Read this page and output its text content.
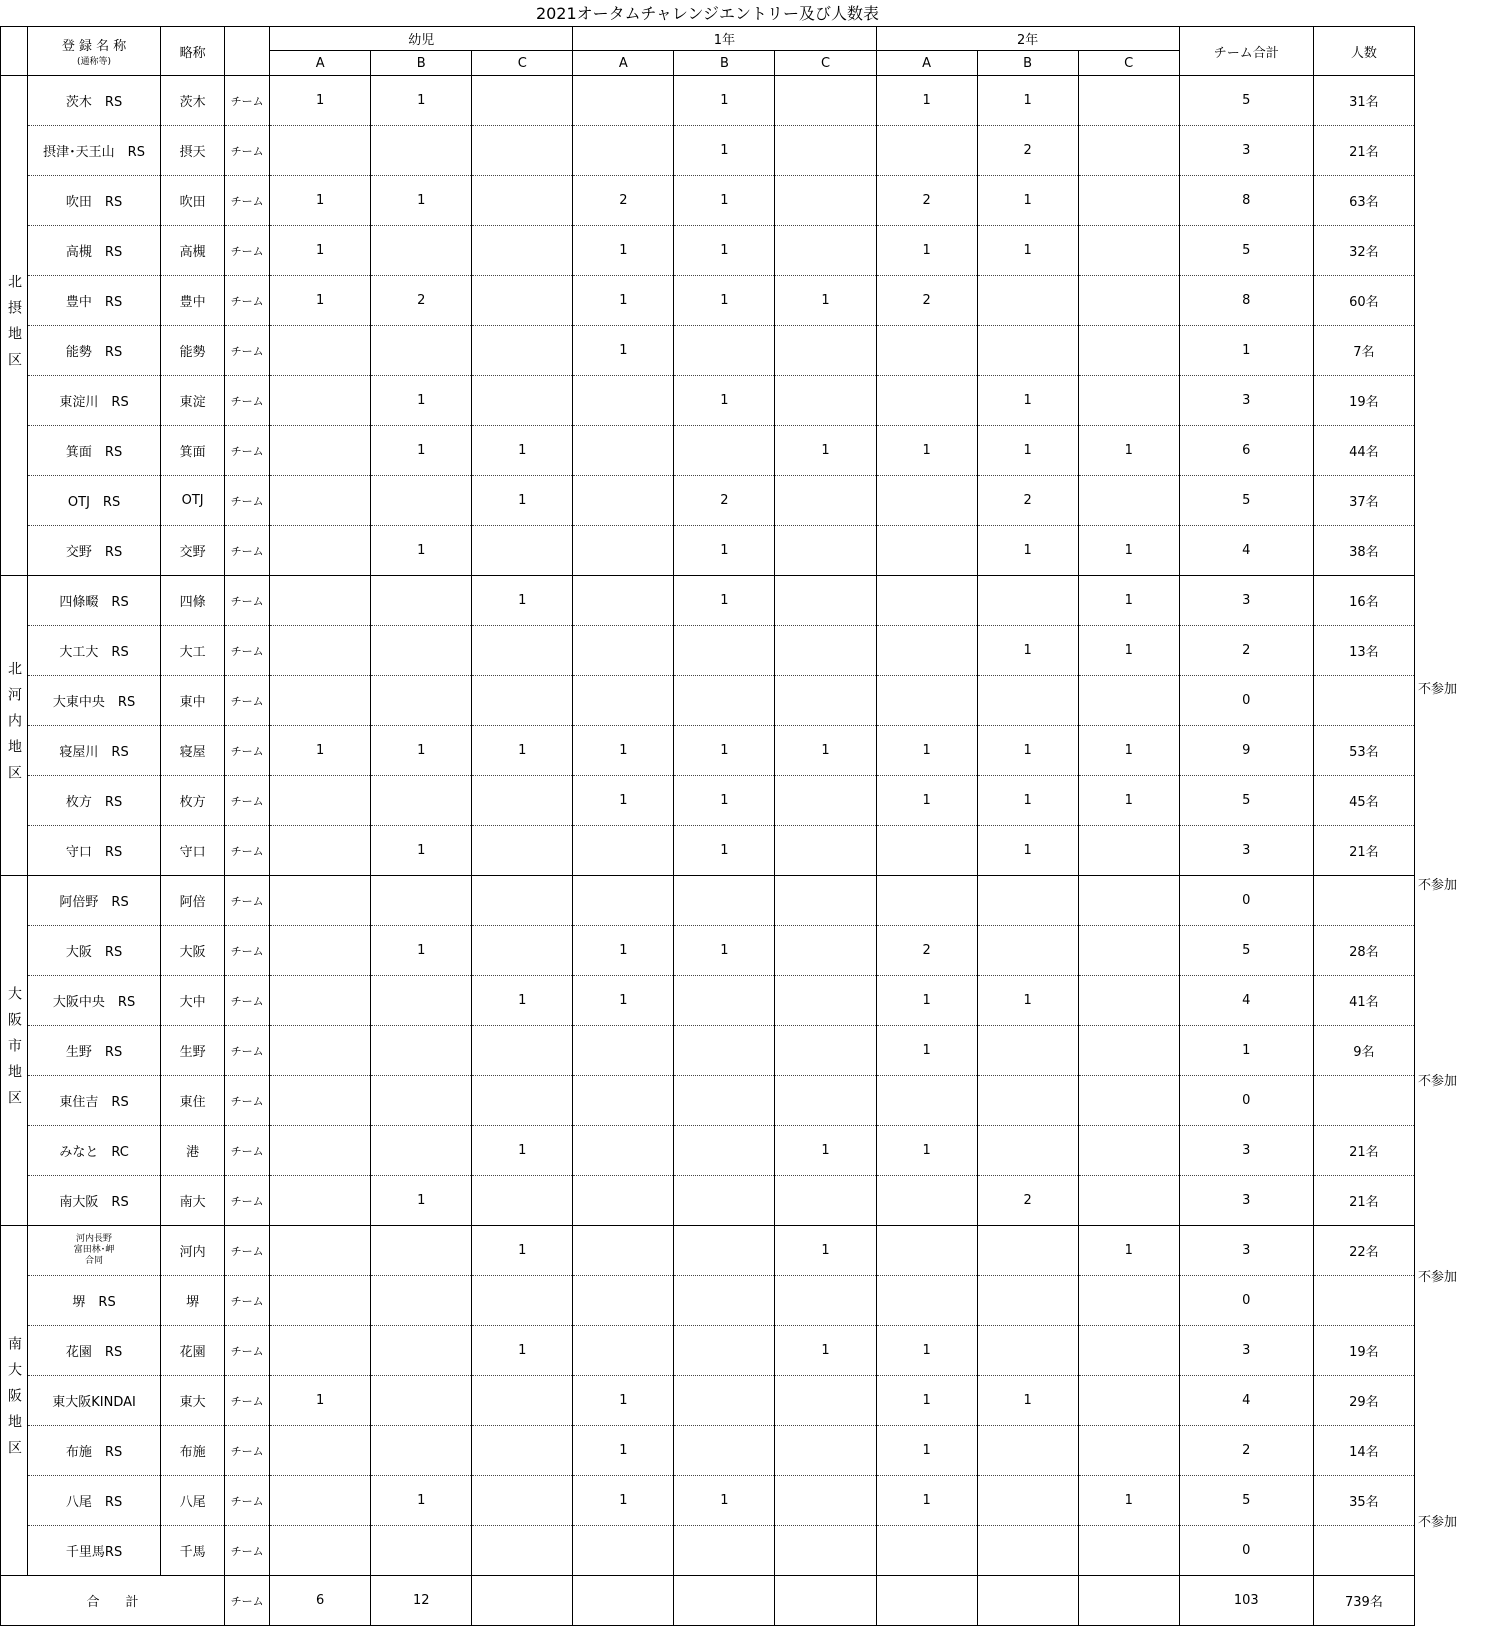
2021オータムチャレンジエントリー及び人数表

	登 録 名 称
(通称等)	略称		幼児			1年			2年			チーム合計	人数
				A	B	C	A	B	C	A	B	C		
北摂地区	茨木　RS	茨木	チーム	1	1			1		1	1		5	31名
	摂津･天王山　RS	摂天	チーム					1			2		3	21名
	吹田　RS	吹田	チーム	1	1		2	1		2	1		8	63名
	高槻　RS	高槻	チーム	1			1	1		1	1		5	32名
	豊中　RS	豊中	チーム	1	2		1	1	1	2			8	60名
	能勢　RS	能勢	チーム				1						1	7名
	東淀川　RS	東淀	チーム		1			1			1		3	19名
	箕面　RS	箕面	チーム		1	1			1	1	1	1	6	44名
	OTJ　RS	OTJ	チーム			1		2			2		5	37名
	交野　RS	交野	チーム		1			1			1	1	4	38名
北河内地区	四條畷　RS	四條	チーム			1		1				1	3	16名
	大工大　RS	大工	チーム								1	1	2	13名
	大東中央　RS	東中	チーム										0	
	寝屋川　RS	寝屋	チーム	1	1	1	1	1	1	1	1	1	9	53名
	枚方　RS	枚方	チーム				1	1		1	1	1	5	45名
	守口　RS	守口	チーム		1			1			1		3	21名
大阪市地区	阿倍野　RS	阿倍	チーム										0	
	大阪　RS	大阪	チーム		1		1	1		2			5	28名
	大阪中央　RS	大中	チーム			1	1			1	1		4	41名
	生野　RS	生野	チーム							1			1	9名
	東住吉　RS	東住	チーム										0	
	みなと　RC	港	チーム			1			1	1			3	21名
	南大阪　RS	南大	チーム		1						2		3	21名
南大阪地区	河内長野
富田林･岬
合同	河内	チーム			1			1			1	3	22名
	堺　RS	堺	チーム										0	
	花園　RS	花園	チーム			1			1	1			3	19名
	東大阪KINDAI	東大	チーム	1			1			1	1		4	29名
	布施　RS	布施	チーム				1			1			2	14名
	八尾　RS	八尾	チーム		1		1	1		1		1	5	35名
	千里馬RS	千馬	チーム										0	
合　　計			チーム	6	12								103	739名
不参加
不参加
不参加
不参加
不参加
